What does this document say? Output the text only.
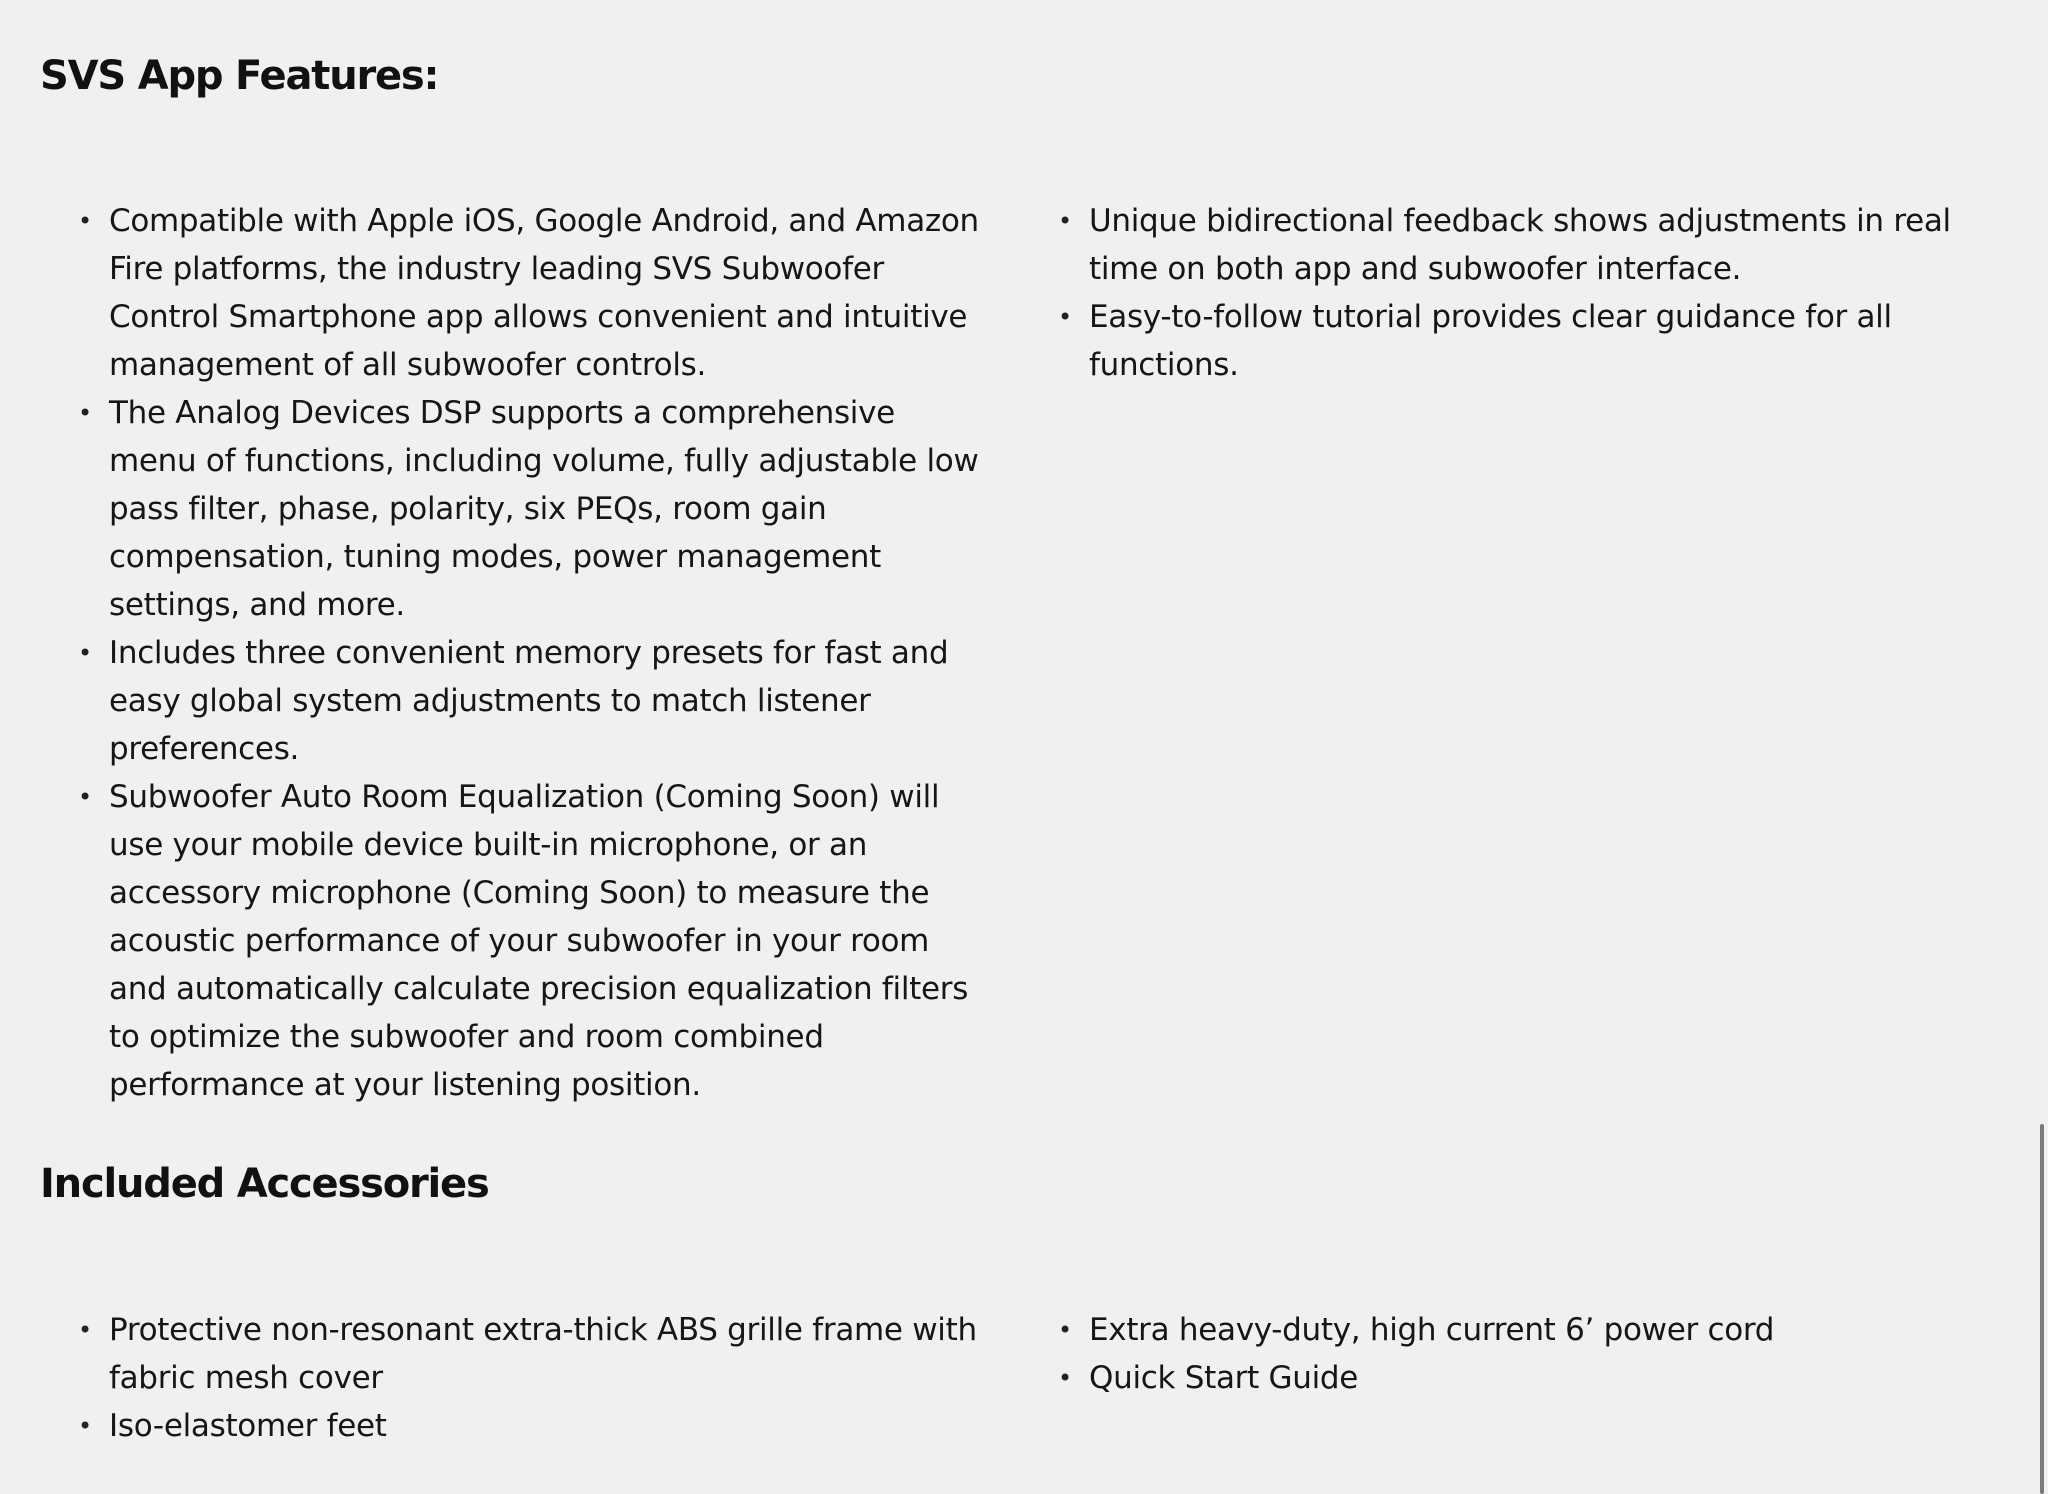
SVS App Features:
• Compatible with Apple iOS, Google Android, and Amazon Fire platforms, the industry leading SVS Subwoofer Control Smartphone app allows convenient and intuitive management of all subwoofer controls.
• The Analog Devices DSP supports a comprehensive menu of functions, including volume, fully adjustable low pass filter, phase, polarity, six PEQs, room gain compensation, tuning modes, power management settings, and more.
• Includes three convenient memory presets for fast and easy global system adjustments to match listener preferences.
• Subwoofer Auto Room Equalization (Coming Soon) will use your mobile device built-in microphone, or an accessory microphone (Coming Soon) to measure the acoustic performance of your subwoofer in your room and automatically calculate precision equalization filters to optimize the subwoofer and room combined performance at your listening position.
• Unique bidirectional feedback shows adjustments in real time on both app and subwoofer interface.
• Easy-to-follow tutorial provides clear guidance for all functions.
Included Accessories
• Protective non-resonant extra-thick ABS grille frame with fabric mesh cover
• Iso-elastomer feet
• Extra heavy-duty, high current 6’ power cord
• Quick Start Guide
